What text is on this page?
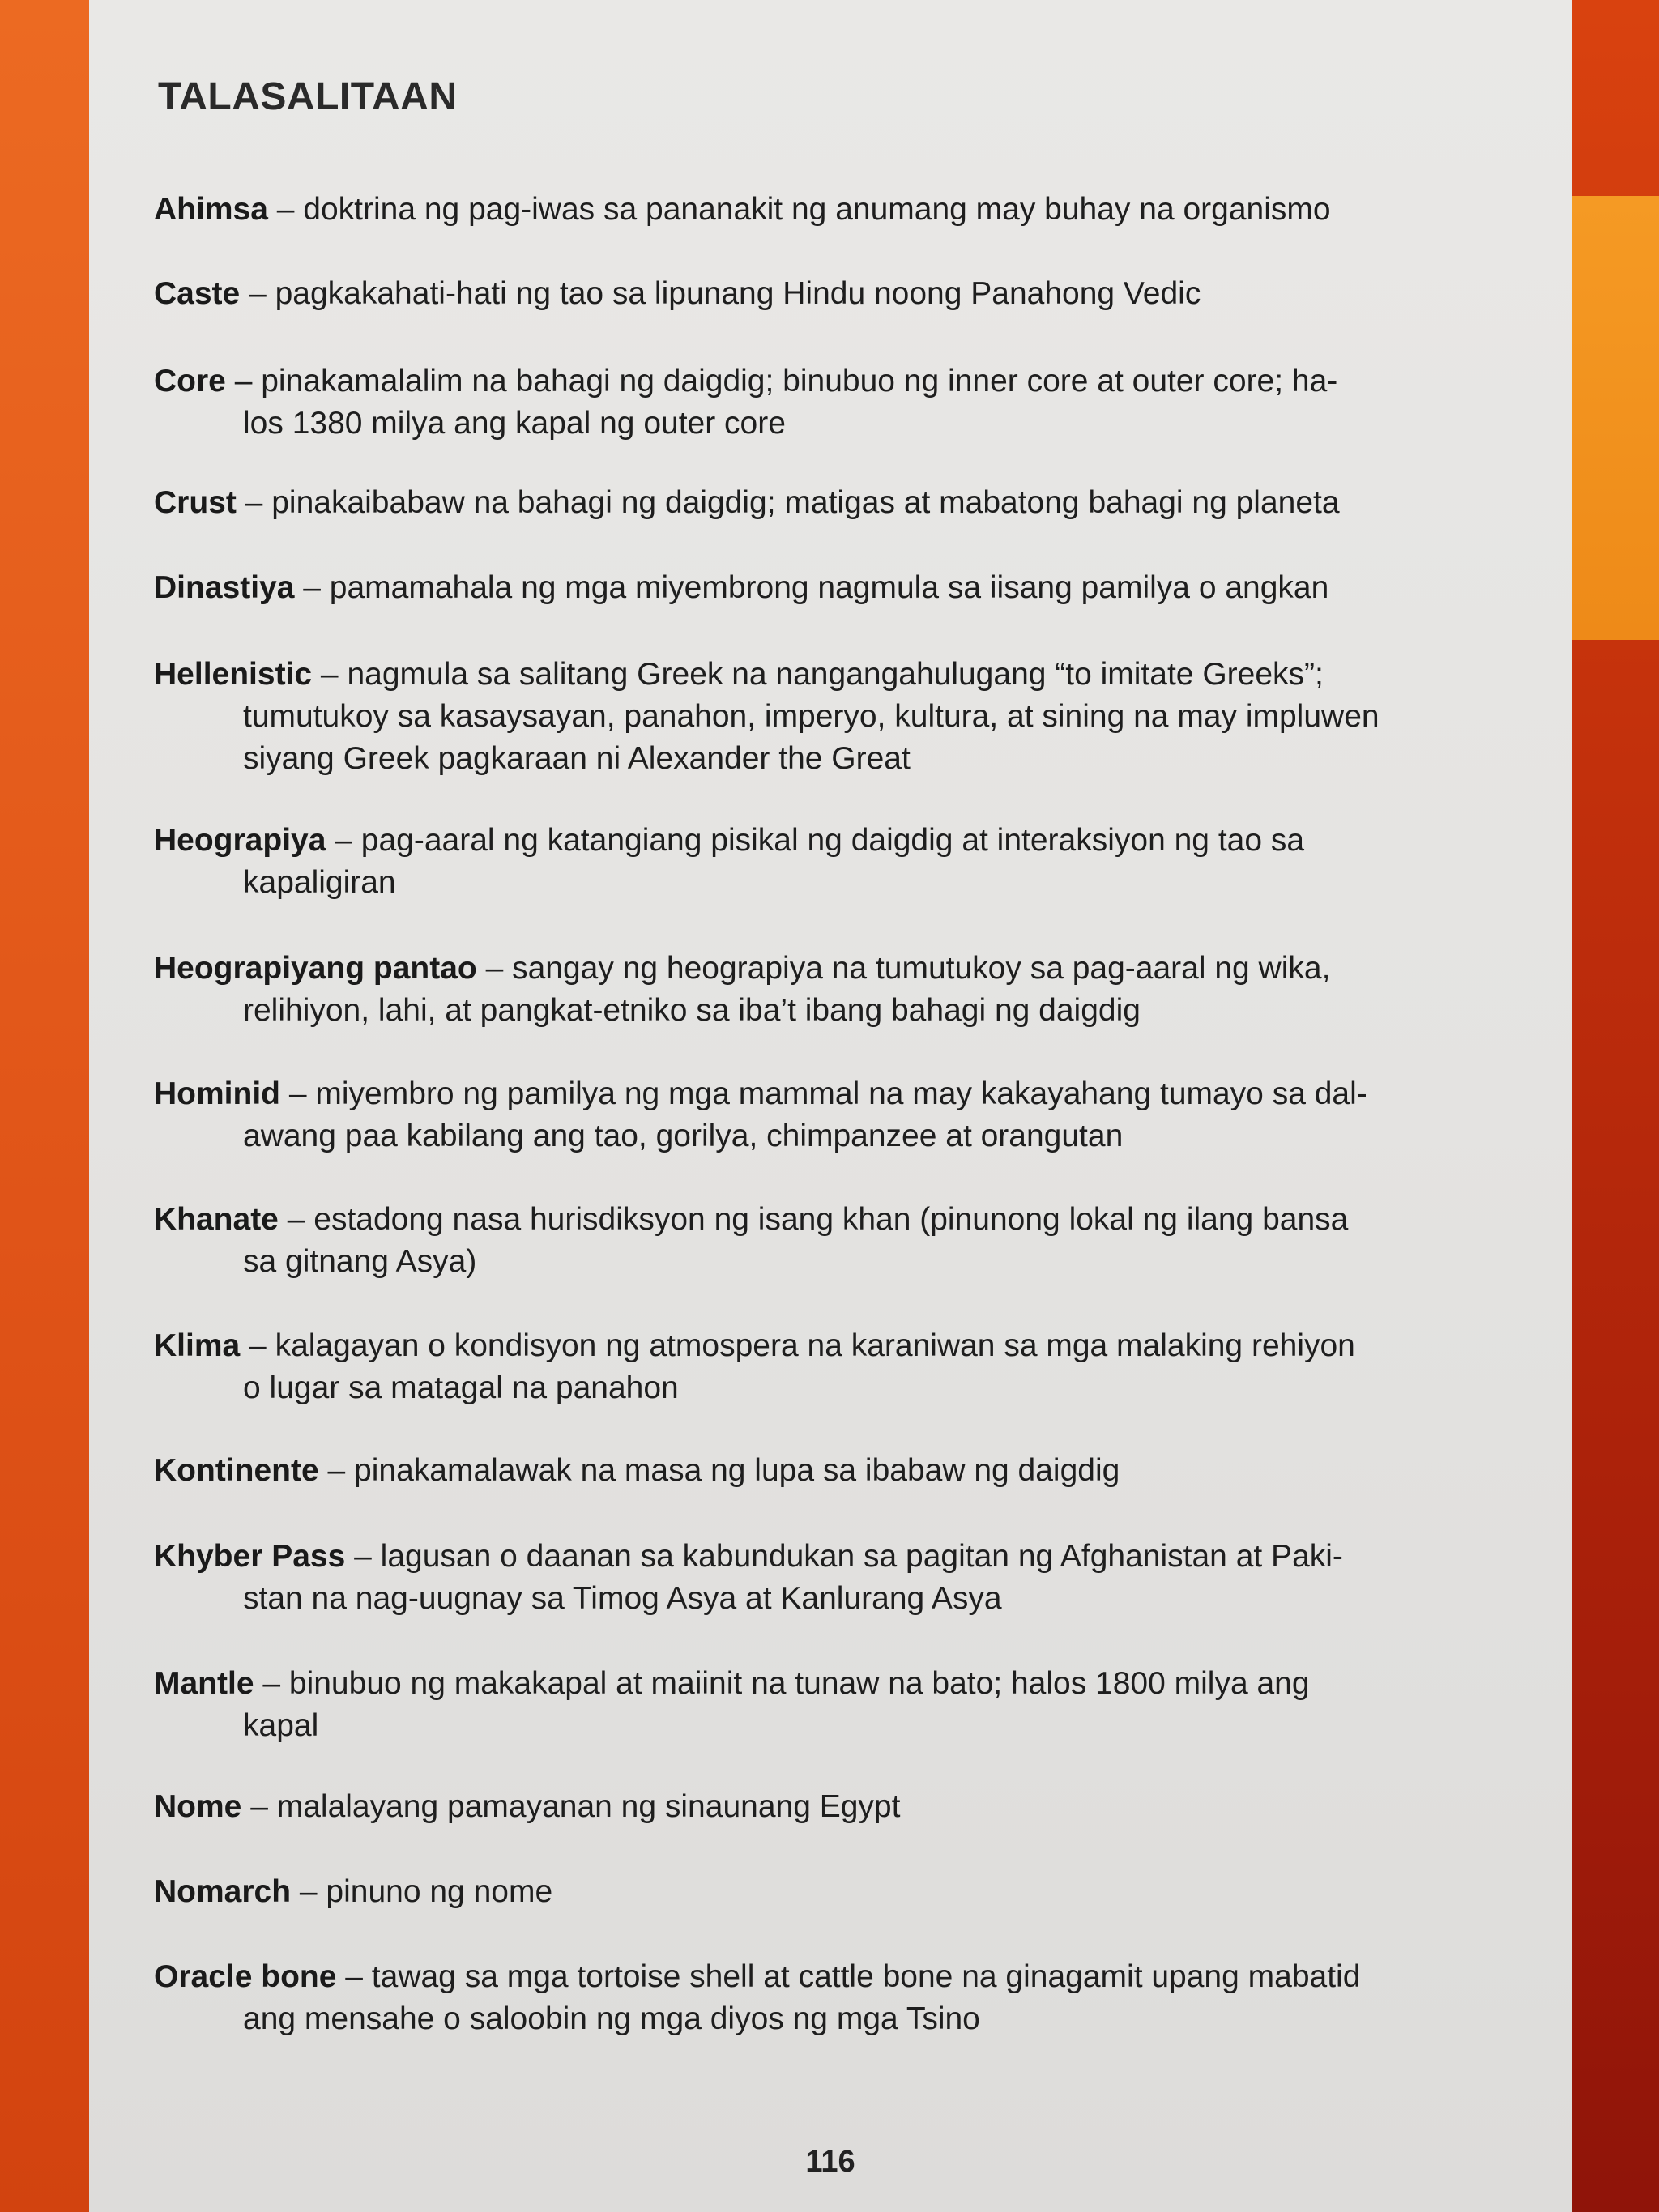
TALASALITAAN
Ahimsa – doktrina ng pag-iwas sa pananakit ng anumang may buhay na organismo
Caste – pagkakahati-hati ng tao sa lipunang Hindu noong Panahong Vedic
Core – pinakamalalim na bahagi ng daigdig; binubuo ng inner core at outer core; ha-
los 1380 milya ang kapal ng outer core
Crust – pinakaibabaw na bahagi ng daigdig; matigas at mabatong bahagi ng planeta
Dinastiya – pamamahala ng mga miyembrong nagmula sa iisang pamilya o angkan
Hellenistic – nagmula sa salitang Greek na nangangahulugang “to imitate Greeks”;
tumutukoy sa kasaysayan, panahon, imperyo, kultura, at sining na may impluwen
siyang Greek pagkaraan ni Alexander the Great
Heograpiya – pag-aaral ng katangiang pisikal ng daigdig at interaksiyon ng tao sa
kapaligiran
Heograpiyang pantao – sangay ng heograpiya na tumutukoy sa pag-aaral ng wika,
relihiyon, lahi, at pangkat-etniko sa iba’t ibang bahagi ng daigdig
Hominid – miyembro ng pamilya ng mga mammal na may kakayahang tumayo sa dal-
awang paa kabilang ang tao, gorilya, chimpanzee at orangutan
Khanate – estadong nasa hurisdiksyon ng isang khan (pinunong lokal ng ilang bansa
sa gitnang Asya)
Klima – kalagayan o kondisyon ng atmospera na karaniwan sa mga malaking rehiyon
o lugar sa matagal na panahon
Kontinente – pinakamalawak na masa ng lupa sa ibabaw ng daigdig
Khyber Pass – lagusan o daanan sa kabundukan sa pagitan ng Afghanistan at Paki-
stan na nag-uugnay sa Timog Asya at Kanlurang Asya
Mantle – binubuo ng makakapal at maiinit na tunaw na bato; halos 1800 milya ang
kapal
Nome – malalayang pamayanan ng sinaunang Egypt
Nomarch – pinuno ng nome
Oracle bone – tawag sa mga tortoise shell at cattle bone na ginagamit upang mabatid
ang mensahe o saloobin ng mga diyos ng mga Tsino
116
